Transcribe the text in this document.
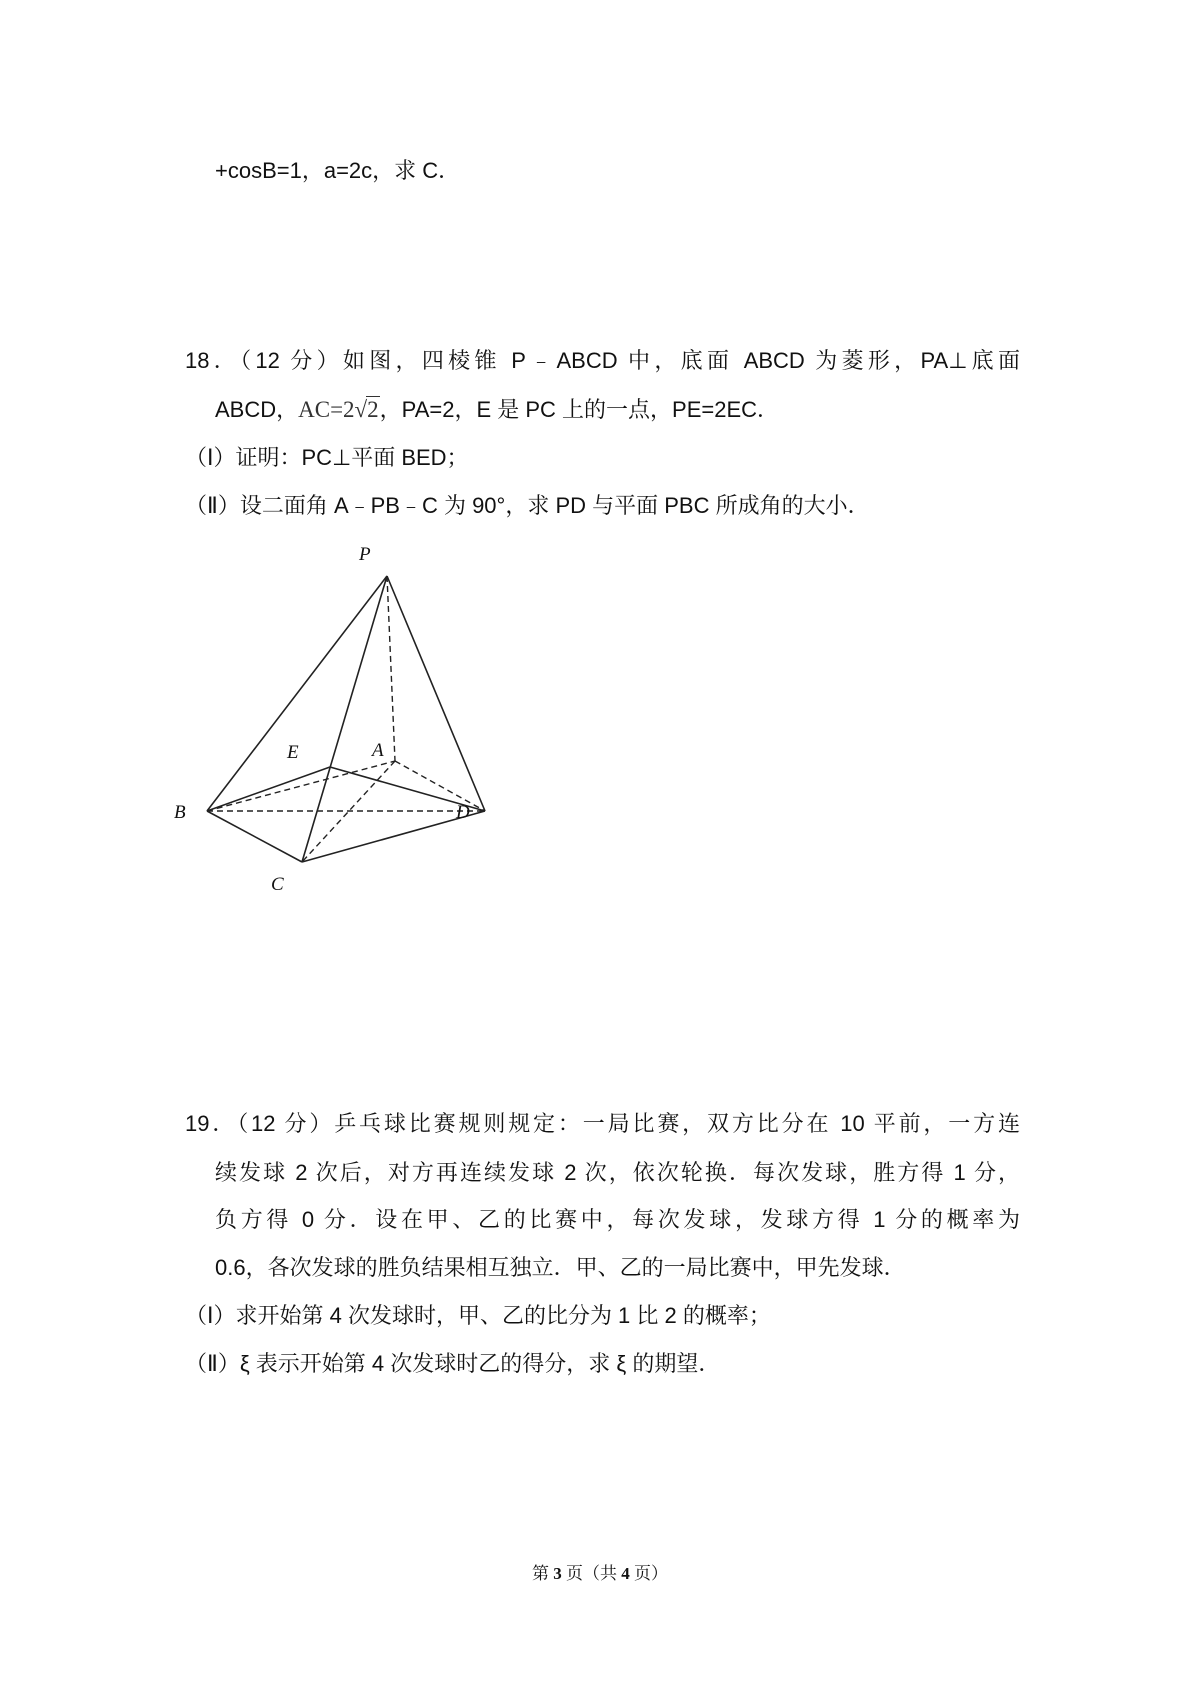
+cosB=1，a=2c，求 C．
18．（12 分）如图，四棱锥 P﹣ABCD 中，底面 ABCD 为菱形，PA⊥底面
ABCD，AC=2√2，PA=2，E 是 PC 上的一点，PE=2EC．
（Ⅰ）证明：PC⊥平面 BED；
（Ⅱ）设二面角 A﹣PB﹣C 为 90°，求 PD 与平面 PBC 所成角的大小．
P
E	A
B	D
C
19．（12 分）乒乓球比赛规则规定：一局比赛，双方比分在 10 平前，一方连
续发球 2 次后，对方再连续发球 2 次，依次轮换．每次发球，胜方得 1 分，
负方得 0 分．设在甲、乙的比赛中，每次发球，发球方得 1 分的概率为
0.6，各次发球的胜负结果相互独立．甲、乙的一局比赛中，甲先发球．
（Ⅰ）求开始第 4 次发球时，甲、乙的比分为 1 比 2 的概率；
（Ⅱ）ξ 表示开始第 4 次发球时乙的得分，求 ξ 的期望．
第 3 页（共 4 页）
